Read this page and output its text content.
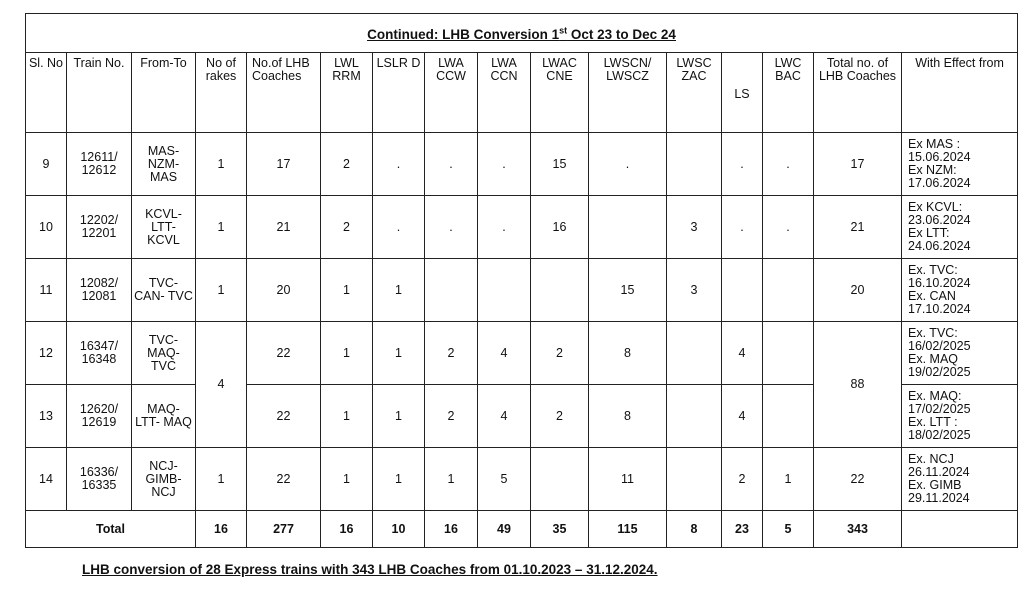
Continued: LHB Conversion 1st Oct 23 to Dec 24															
Sl. No	Train No.	From-To	No of rakes	No.of LHB Coaches	LWL RRM	LSLR D	LWA CCW	LWA CCN	LWAC CNE	LWSCN/ LWSCZ	LWSC ZAC	LS	LWC BAC	Total no. of LHB Coaches	With Effect from
9	12611/ 12612	MAS- NZM- MAS	1	17	2	.	.	.	15	.		.	.	17	Ex MAS :
15.06.2024
Ex NZM:
17.06.2024

10	12202/ 12201	KCVL- LTT- KCVL	1	21	2	.	.	.	16		3	.	.	21	Ex KCVL:
23.06.2024
Ex LTT:
24.06.2024

11	12082/ 12081	TVC- CAN- TVC	1	20	1	1				15	3			20	Ex. TVC:
16.10.2024
Ex. CAN
17.10.2024

12	16347/ 16348	TVC- MAQ- TVC	4	22	1	1	2	4	2	8		4		88	Ex. TVC:
16/02/2025
Ex. MAQ
19/02/2025

13	12620/ 12619	MAQ- LTT- MAQ		22	1	1	2	4	2	8		4			Ex. MAQ:
17/02/2025
Ex. LTT :
18/02/2025

14	16336/ 16335	NCJ- GIMB- NCJ	1	22	1	1	1	5		11		2	1	22	Ex. NCJ
26.11.2024
Ex. GIMB
29.11.2024

Total			16	277	16	10	16	49	35	115	8	23	5	343	
LHB conversion of 28 Express trains with 343 LHB Coaches from 01.10.2023 – 31.12.2024.
